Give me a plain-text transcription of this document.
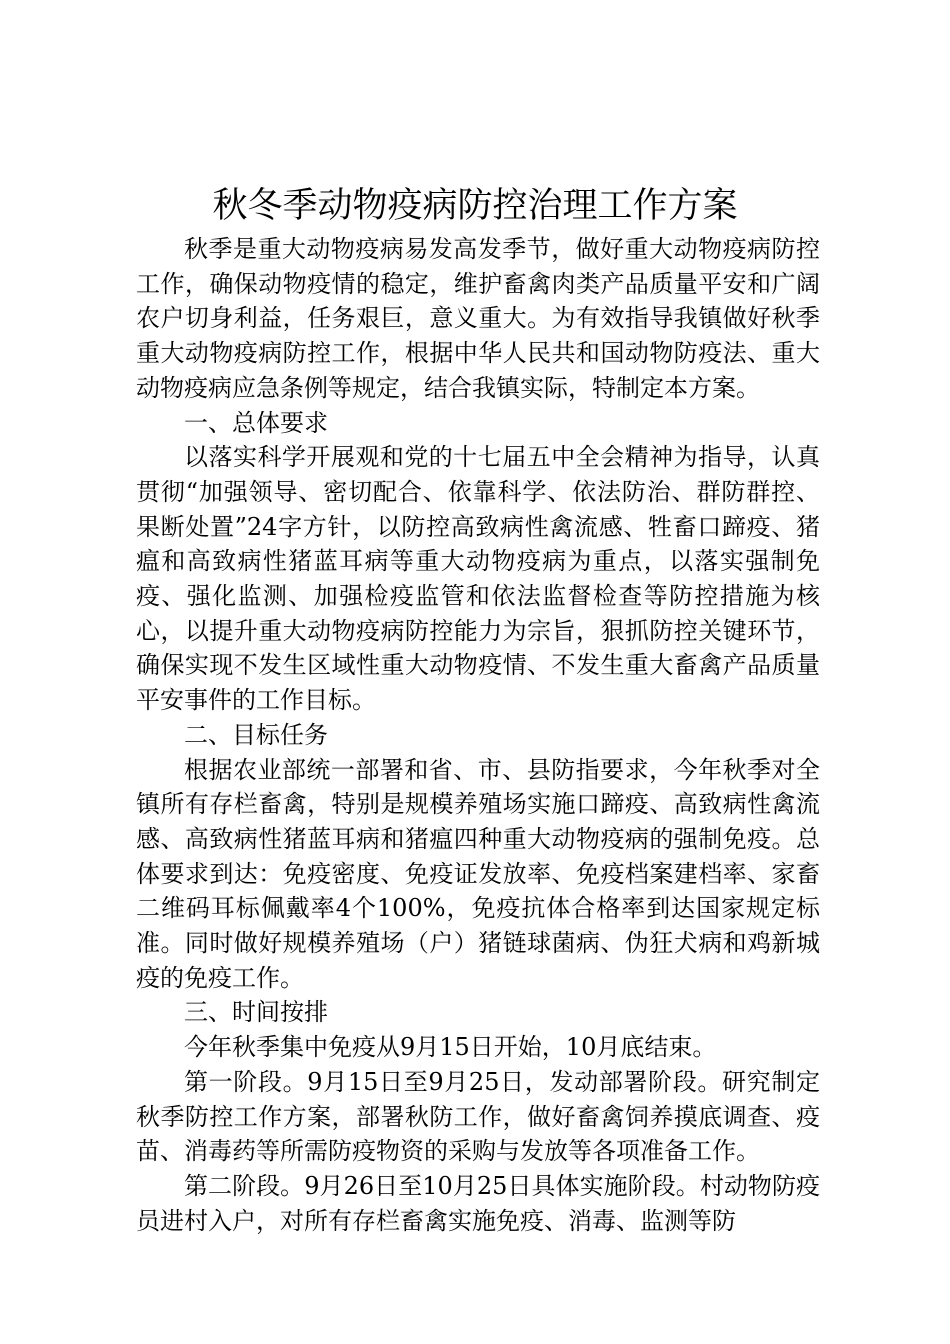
秋冬季动物疫病防控治理工作方案

秋季是重大动物疫病易发高发季节，做好重大动物疫病防控工作，确保动物疫情的稳定，维护畜禽肉类产品质量平安和广阔农户切身利益，任务艰巨，意义重大。为有效指导我镇做好秋季重大动物疫病防控工作，根据中华人民共和国动物防疫法、重大动物疫病应急条例等规定，结合我镇实际，特制定本方案。

一、总体要求

以落实科学开展观和党的十七届五中全会精神为指导，认真贯彻“加强领导、密切配合、依靠科学、依法防治、群防群控、果断处置”24字方针，以防控高致病性禽流感、牲畜口蹄疫、猪瘟和高致病性猪蓝耳病等重大动物疫病为重点，以落实强制免疫、强化监测、加强检疫监管和依法监督检查等防控措施为核心，以提升重大动物疫病防控能力为宗旨，狠抓防控关键环节，确保实现不发生区域性重大动物疫情、不发生重大畜禽产品质量平安事件的工作目标。

二、目标任务

根据农业部统一部署和省、市、县防指要求，今年秋季对全镇所有存栏畜禽，特别是规模养殖场实施口蹄疫、高致病性禽流感、高致病性猪蓝耳病和猪瘟四种重大动物疫病的强制免疫。总体要求到达：免疫密度、免疫证发放率、免疫档案建档率、家畜二维码耳标佩戴率4个100%，免疫抗体合格率到达国家规定标准。同时做好规模养殖场（户）猪链球菌病、伪狂犬病和鸡新城疫的免疫工作。

三、时间按排

今年秋季集中免疫从9月15日开始，10月底结束。

第一阶段。9月15日至9月25日，发动部署阶段。研究制定秋季防控工作方案，部署秋防工作，做好畜禽饲养摸底调查、疫苗、消毒药等所需防疫物资的采购与发放等各项准备工作。

第二阶段。9月26日至10月25日具体实施阶段。村动物防疫员进村入户，对所有存栏畜禽实施免疫、消毒、监测等防
